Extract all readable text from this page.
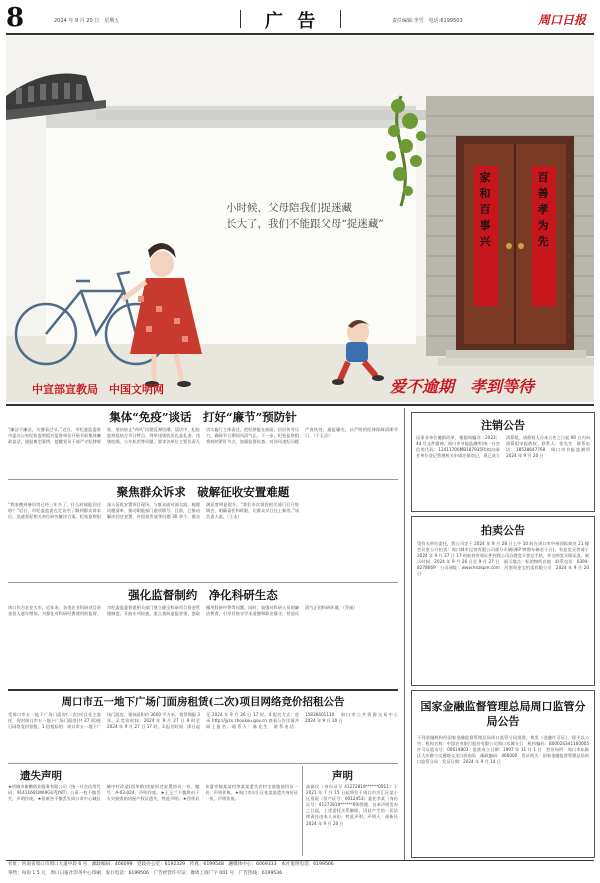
8	2024 年 9 月 20 日　星期五	广 告	责任编辑:李雪　电话:6199503	周口日报
小时候，父母陪我们捉迷藏
长大了，我们不能跟父母“捉迷藏”
家和百事兴
百善孝为先
中宣部宣教局　中国文明网	爱不逾期　孝到等待
集体“免疫”谈话　打好“廉节”预防针
“廉洁不廉洁，关键看过节。”近日，市纪委监委驻市委办公室纪检监察组对监督单位开展节前集体廉政谈话，通报典型案例，提醒党员干部严守纪律规矩，坚决防止“四风”问题反弹回潮。谈话中，纪检监察组结合节日特点，列举违规收送礼品礼金、违规吃喝、公车私用等问题，要求各单位主要负责人切实履行主体责任，把纪律挺在前面，层层传导压力，确保节日期间风清气正。下一步，纪检监察组将持续紧盯节点，加强监督检查，对顶风违纪问题严查快处、通报曝光，以严明的纪律保障清朗节日。（于玉洁）
聚焦群众诉求　破解征收安置难题
“我家搬到备用房已经三年多了，什么时候能回迁呀？”近日，市纪委监委在走访中了解到群众诉求后，迅速督促相关单位研究解决方案。纪检监察组深入征收安置项目现场，与群众面对面交流，梳理问题清单，推动职能部门逐项销号。目前，已推动解决回迁安置、补偿款发放等问题 30 余个，群众满意度明显提升。“我们多次督促相关部门召开协调会，明确责任和时限，让群众早日住上新房。”该负责人说。（王永）
强化监督制约　净化科研生态
周口作为农业大市，近年来，各类农业科研项目资金投入逐年增加。为强化对科研经费使用的监督，市纪委监委督促相关部门建立健全科研项目资金管理制度，开展专项检查，重点查纠虚报冒领、套取挪用科研经费等问题。同时，加强对科研人员的廉洁教育，引导其恪守学术道德和职业操守，营造风清气正的科研环境。（乔刚）
周口市五一地下广场门面房租赁(二次)项目网络竞价招租公告
受周口市五一地下广场门面房(二次)项目业主委托，现对周口市五一地下广场门面房(共 37 间)进行网络竞价招租。1.招租标的：周口市五一地下广场门面房，建筑面积约 3600 平方米，租赁期限 3 年。2.竞价时间：2024 年 9 月 27 日 9 时至 2024 年 9 月 27 日 17 时。3.报名时间：即日起至 2024 年 9 月 26 日 17 时。4.报名方式：登录 http://jyzx.zhoukou.gov.cn 查看公告详情并网上报名。联系人：陈先生　联系电话：15836601110　周口市公共资源交易中心　2024 年 9 月 20 日
遗失声明
★项城市新鹏创业服务有限公司（统一社会信用代码：91411681MA9GU7JY8T）公章一枚不慎丢失，声明作废。★张新杰不慎丢失周口市中心城区城中村改造(西华路)房屋拆迁安置协议一份，编号：A-03-024，声明作废。★王玉兰不慎将由于火灾损毁的房屋产权证遗失，特此声明。★西华县东夏亭镇某某村李某某遗失农村宅基地使用证一份，声明作废。★周口市川汇区张某某遗失身份证一张，声明作废。
声明
高新民（身份证号 41272819******0911）于 2021 年 7 月 15 日起将位于周口市川汇区某小区房屋（房产证号：0012453）委托李某（身份证号：41272819******09)管理。自本声明发布之日起，上述委托关系解除，因此产生的一切法律责任由本人承担。特此声明。声明人：高新民　2024 年 9 月 20 日
注销公告
因事业单位撤销改革，根据周编办〔2023〕44 号文件精神，周口市节能监测所(统一社会信用代码：12411700MB187935R)拟向事业单位登记管理机关申请注销登记，现已成立清算组，请债权人自本公告之日起 90 日内向清算组申报债权。联系人：张先生　联系电话：18538647768　周口市节能监测所　2024 年 9 月 20 日
拍卖公告
受有关单位委托，我公司定于 2024 年 9 月 28 日上午 10 时在周口市中州国际商业 21 楼会议室公开拍卖：周口城市运营有限公司部分车辆(豫P 牌照车辆若干台)。有意竞买者请于 2024 年 9 月 27 日 17 时前持有效证件到我公司办理竞买登记手续，并交纳竞买保证金。展示时间：2024 年 9 月 26 日至 9 月 27 日　展示地点：标的物所在地　联系电话：0394-8278669　公司网址：www.hnzkpm.com　河南周金宝拍卖有限公司　2024 年 9 月 20 日
国家金融监督管理总局周口监管分局公告
下列金融机构经国家金融监督管理总局周口监管分局批准，换发《金融许可证》，现予以公告：机构名称：中国农业银行股份有限公司周口东城支行　机构编码：B0002S341160005　许可证流水号：00619803　批准成立日期：1997 年 11 月 1 日　营业场所：周口市东新区大庆路与交通路交叉口西南角　邮政编码：466000　发证机关：国家金融监督管理总局周口监管分局　发证日期：2024 年 9 月 14 日
社址：河南省周口市周口大道中段 6 号　邮政编码：466099　党政办公室：6192329　传真：6199548　融媒体中心：6069333　本社值班电话：6199506
零售：每份 1.5 元　周口日报社印务中心印刷　发行电话：6199506　广告经营许可证：豫周工商广字 001 号　广告热线：6199536
